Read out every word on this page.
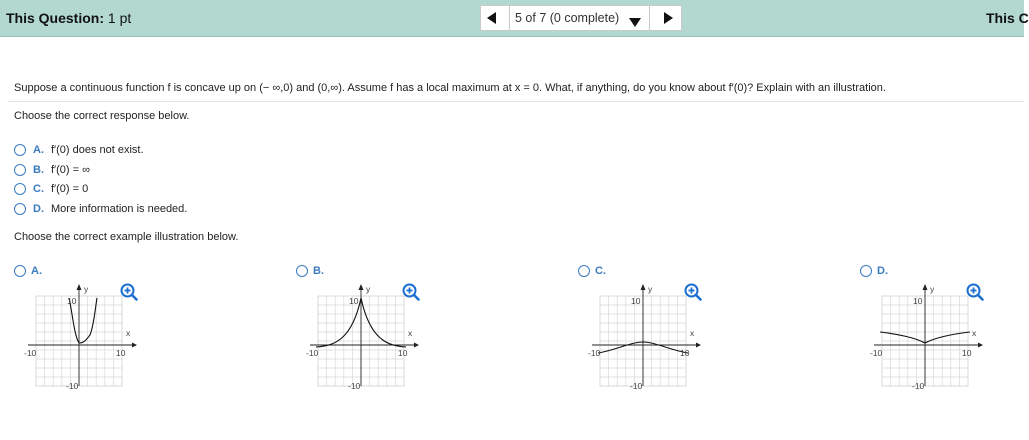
This Question: 1 pt	5 of 7 (0 complete)	This C
Suppose a continuous function f is concave up on (− ∞,0) and (0,∞). Assume f has a local maximum at x = 0. What, if anything, do you know about f′(0)? Explain with an illustration.
Choose the correct response below.
A. f′(0) does not exist.
B. f′(0) = ∞
C. f′(0) = 0
D. More information is needed.
Choose the correct example illustration below.
A.	B.	C.	D.
y
x
10
-10
-10	10
y
x
10
-10
-10	10
y
x
10
-10
-10	10
y
x
10
-10
-10	10
